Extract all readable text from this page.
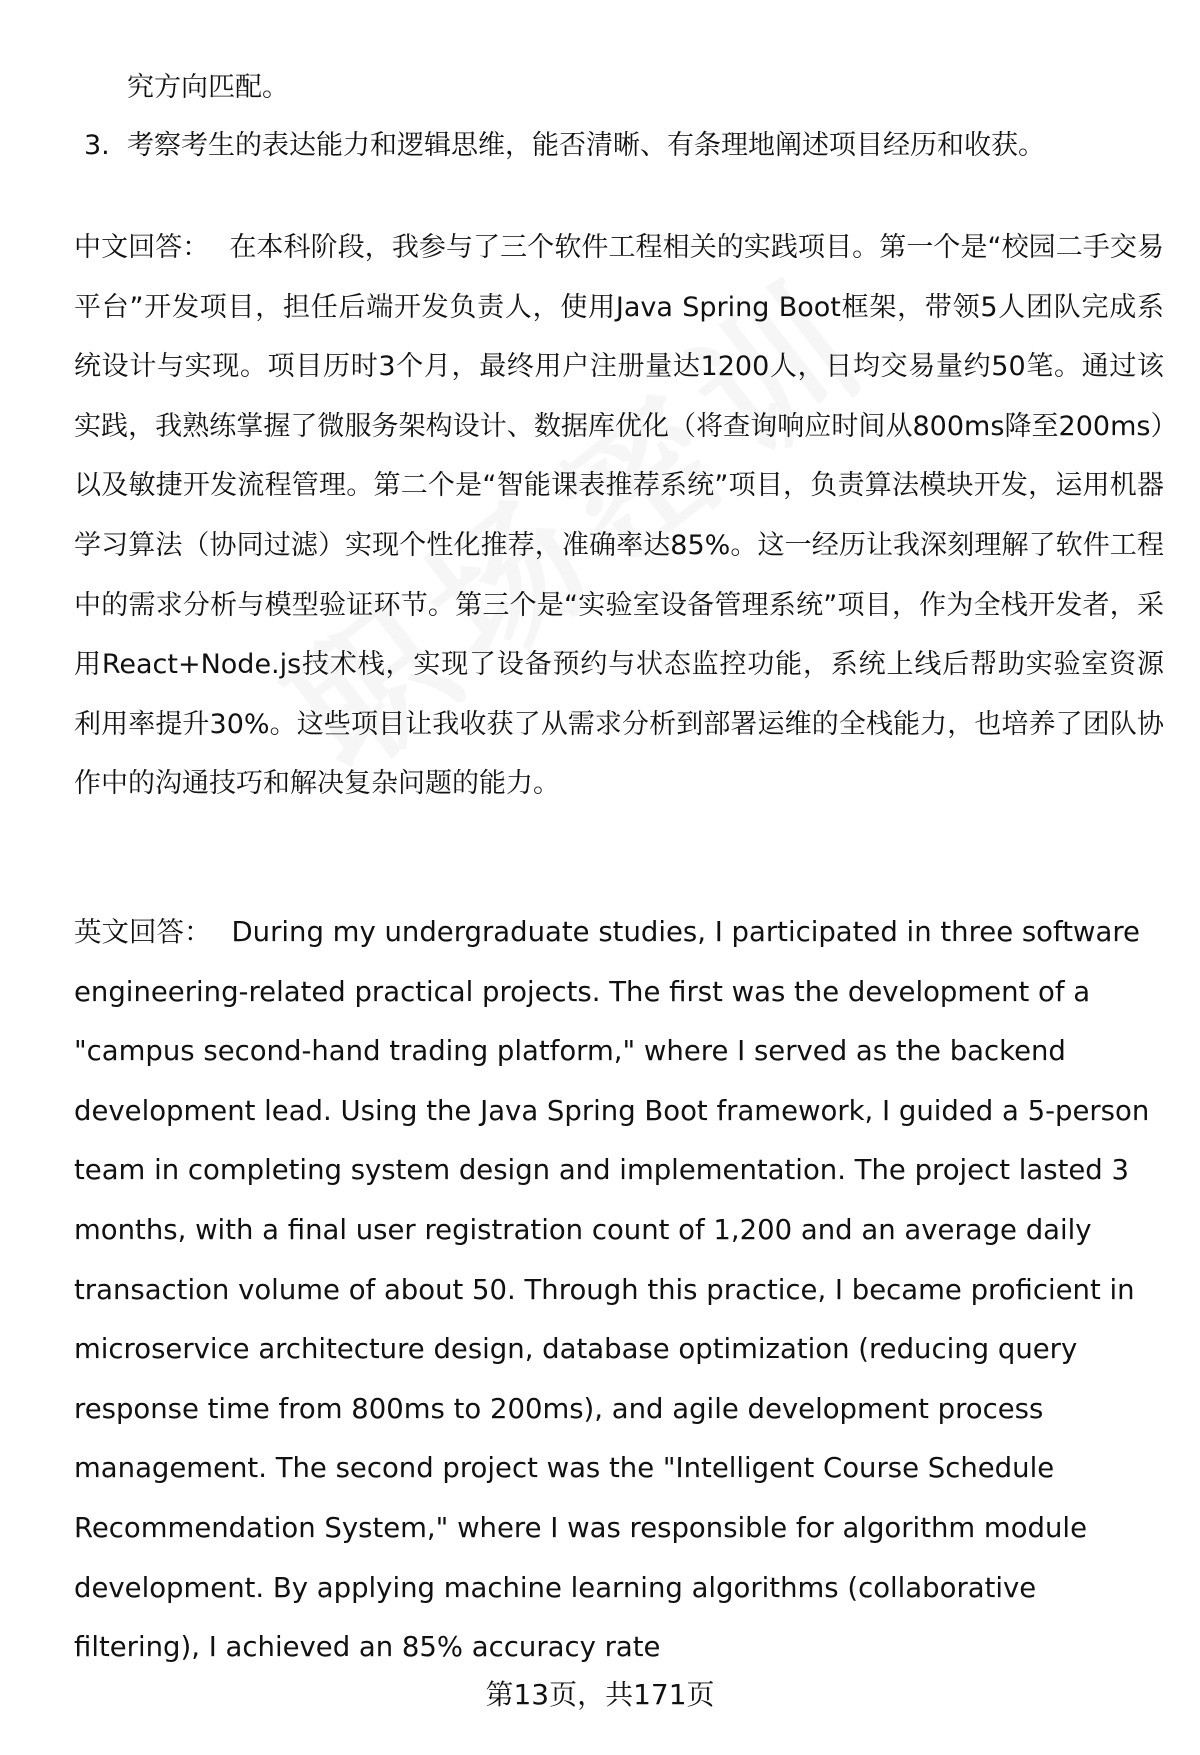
究方向匹配。
3. 考察考生的表达能力和逻辑思维，能否清晰、有条理地阐述项目经历和收获。
中文回答： 在本科阶段，我参与了三个软件工程相关的实践项目。第一个是“校园二手交易平台”开发项目，担任后端开发负责人，使用Java Spring Boot框架，带领5人团队完成系统设计与实现。项目历时3个月，最终用户注册量达1200人，日均交易量约50笔。通过该实践，我熟练掌握了微服务架构设计、数据库优化（将查询响应时间从800ms降至200ms）以及敏捷开发流程管理。第二个是“智能课表推荐系统”项目，负责算法模块开发，运用机器学习算法（协同过滤）实现个性化推荐，准确率达85%。这一经历让我深刻理解了软件工程中的需求分析与模型验证环节。第三个是“实验室设备管理系统”项目，作为全栈开发者，采用React+Node.js技术栈，实现了设备预约与状态监控功能，系统上线后帮助实验室资源利用率提升30%。这些项目让我收获了从需求分析到部署运维的全栈能力，也培养了团队协作中的沟通技巧和解决复杂问题的能力。
英文回答： During my undergraduate studies, I participated in three software engineering-related practical projects. The first was the development of a "campus second-hand trading platform," where I served as the backend development lead. Using the Java Spring Boot framework, I guided a 5-person team in completing system design and implementation. The project lasted 3 months, with a final user registration count of 1,200 and an average daily transaction volume of about 50. Through this practice, I became proficient in microservice architecture design, database optimization (reducing query response time from 800ms to 200ms), and agile development process management. The second project was the "Intelligent Course Schedule Recommendation System," where I was responsible for algorithm module development. By applying machine learning algorithms (collaborative filtering), I achieved an 85% accuracy rate
第13页，共171页
